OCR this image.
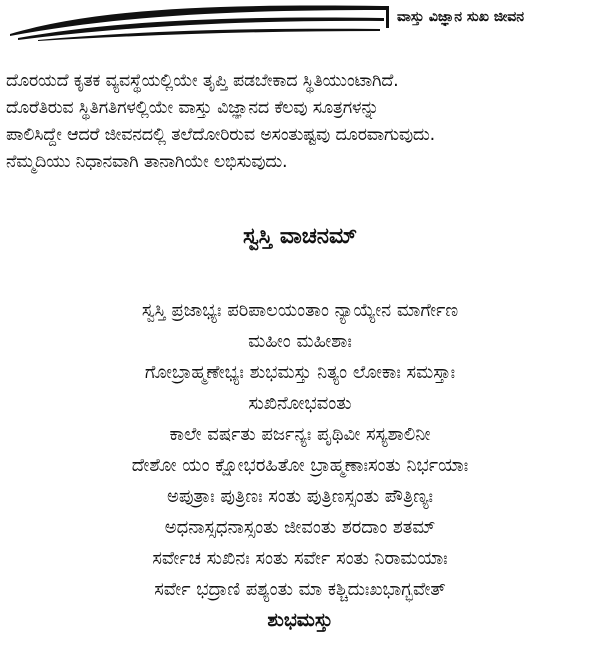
ವಾಸ್ತು ವಿಜ್ಞಾನ ಸುಖ ಜೀವನ
ದೊರಯದೆ ಕೃತಕ ವ್ಯವಸ್ಥೆಯಲ್ಲಿಯೇ ತೃಪ್ತಿ ಪಡಬೇಕಾದ ಸ್ಥಿತಿಯುಂಟಾಗಿದೆ.
ದೊರೆತಿರುವ ಸ್ಥಿತಿಗತಿಗಳಲ್ಲಿಯೇ ವಾಸ್ತು ವಿಜ್ಞಾನದ ಕೆಲವು ಸೂತ್ರಗಳನ್ನು
ಪಾಲಿಸಿದ್ದೇ ಆದರೆ ಜೀವನದಲ್ಲಿ ತಲೆದೋರಿರುವ ಅಸಂತುಷ್ಟವು ದೂರವಾಗುವುದು.
ನೆಮ್ಮದಿಯು ನಿಧಾನವಾಗಿ ತಾನಾಗಿಯೇ ಲಭಿಸುವುದು.
ಸ್ವಸ್ತಿ ವಾಚನಮ್
ಸ್ವಸ್ತಿ ಪ್ರಜಾಭ್ಯಃ ಪರಿಪಾಲಯಂತಾಂ ನ್ಯಾಯ್ಯೇನ ಮಾರ್ಗೇಣ
ಮಹೀಂ ಮಹೀಶಾಃ
ಗೋಬ್ರಾಹ್ಮಣೇಭ್ಯಃ ಶುಭಮಸ್ತು ನಿತ್ಯಂ ಲೋಕಾಃ ಸಮಸ್ತಾಃ
ಸುಖಿನೋಭವಂತು
ಕಾಲೇ ವರ್ಷತು ಪರ್ಜನ್ಯಃ ಪೃಥಿವೀ ಸಸ್ಯಶಾಲಿನೀ
ದೇಶೋ ಯಂ ಕ್ಷೋಭರಹಿತೋ ಬ್ರಾಹ್ಮಣಾಃಸಂತು ನಿರ್ಭಯಾಃ
ಅಪುತ್ರಾಃ ಪುತ್ರಿಣಃ ಸಂತು ಪುತ್ರಿಣಸ್ಸಂತು ಪೌತ್ರಿಣ್ಯಃ
ಅಧನಾಸ್ಸಧನಾಸ್ಸಂತು ಜೀವಂತು ಶರದಾಂ ಶತಮ್
ಸರ್ವೇಚ ಸುಖಿನಃ ಸಂತು ಸರ್ವೇ ಸಂತು ನಿರಾಮಯಾಃ
ಸರ್ವೇ ಭದ್ರಾಣಿ ಪಶ್ಯಂತು ಮಾ ಕಶ್ಚಿದುಃಖಭಾಗ್ಭವೇತ್
ಶುಭಮಸ್ತು
